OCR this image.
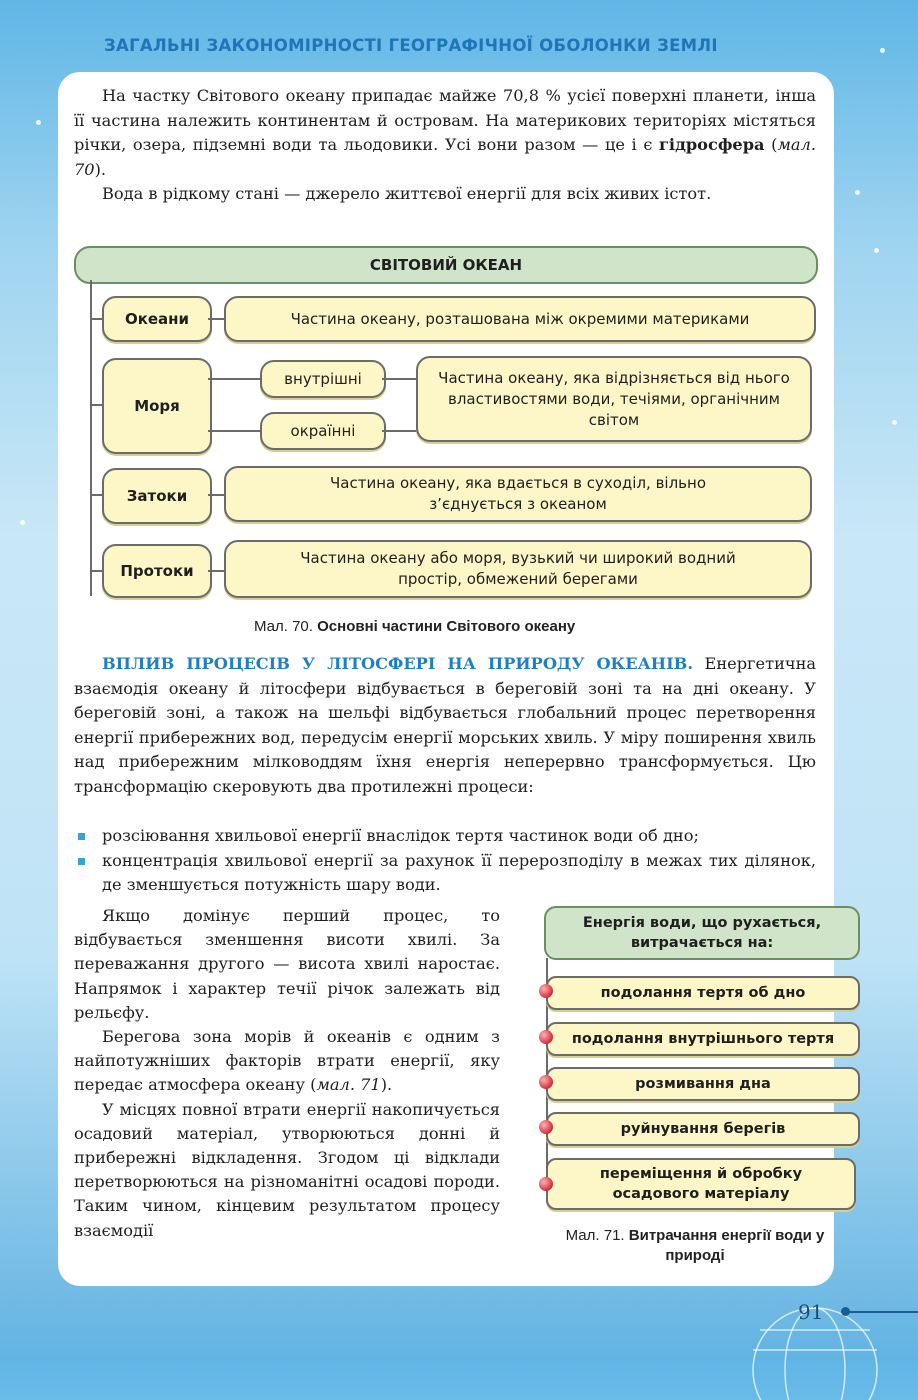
ЗАГАЛЬНІ ЗАКОНОМІРНОСТІ ГЕОГРАФІЧНОЇ ОБОЛОНКИ ЗЕМЛІ

На частку Світового океану припадає майже 70,8 % усієї поверхні планети, інша її частина належить континентам й островам. На материкових територіях містяться річки, озера, підземні води та льодовики. Усі вони разом — це і є гідросфера (мал. 70).

Вода в рідкому стані — джерело життєвої енергії для всіх живих істот.

СВІТОВИЙ ОКЕАН
Океани	Частина океану, розташована між окремими материками
Моря
внутрішні
окраїнні
Частина океану, яка відрізняється від нього властивостями води, течіями, органічним світом
Затоки
Частина океану, яка вдається в суходіл, вільно з’єднується з океаном
Протоки
Частина океану або моря, вузький чи широкий водний простір, обмежений берегами
Мал. 70. Основні частини Світового океану

ВПЛИВ ПРОЦЕСІВ У ЛІТОСФЕРІ НА ПРИРОДУ ОКЕАНІВ. Енергетична взаємодія океану й літосфери відбувається в береговій зоні та на дні океану. У береговій зоні, а також на шельфі відбувається глобальний процес перетворення енергії прибережних вод, передусім енергії морських хвиль. У міру поширення хвиль над прибережним мілководдям їхня енергія неперервно трансформується. Цю трансформацію скеровують два протилежні процеси:

розсіювання хвильової енергії внаслідок тертя частинок води об дно;
концентрація хвильової енергії за рахунок її перерозподілу в межах тих ділянок, де зменшується потужність шару води.

Якщо домінує перший процес, то відбувається зменшення висоти хвилі. За переважання другого — висота хвилі наростає. Напрямок і характер течії річок залежать від рельєфу.

Берегова зона морів й океанів є одним з найпотужніших факторів втрати енергії, яку передає атмосфера океану (мал. 71).

У місцях повної втрати енергії накопичується осадовий матеріал, утворюються донні й прибережні відкладення. Згодом ці відклади перетворюються на різноманітні осадові породи. Таким чином, кінцевим результатом процесу взаємодії

Енергія води, що рухається, витрачається на:
подолання тертя об дно
подолання внутрішнього тертя
розмивання дна
руйнування берегів
переміщення й обробку осадового матеріалу
Мал. 71. Витрачання енергії води у природі
91
